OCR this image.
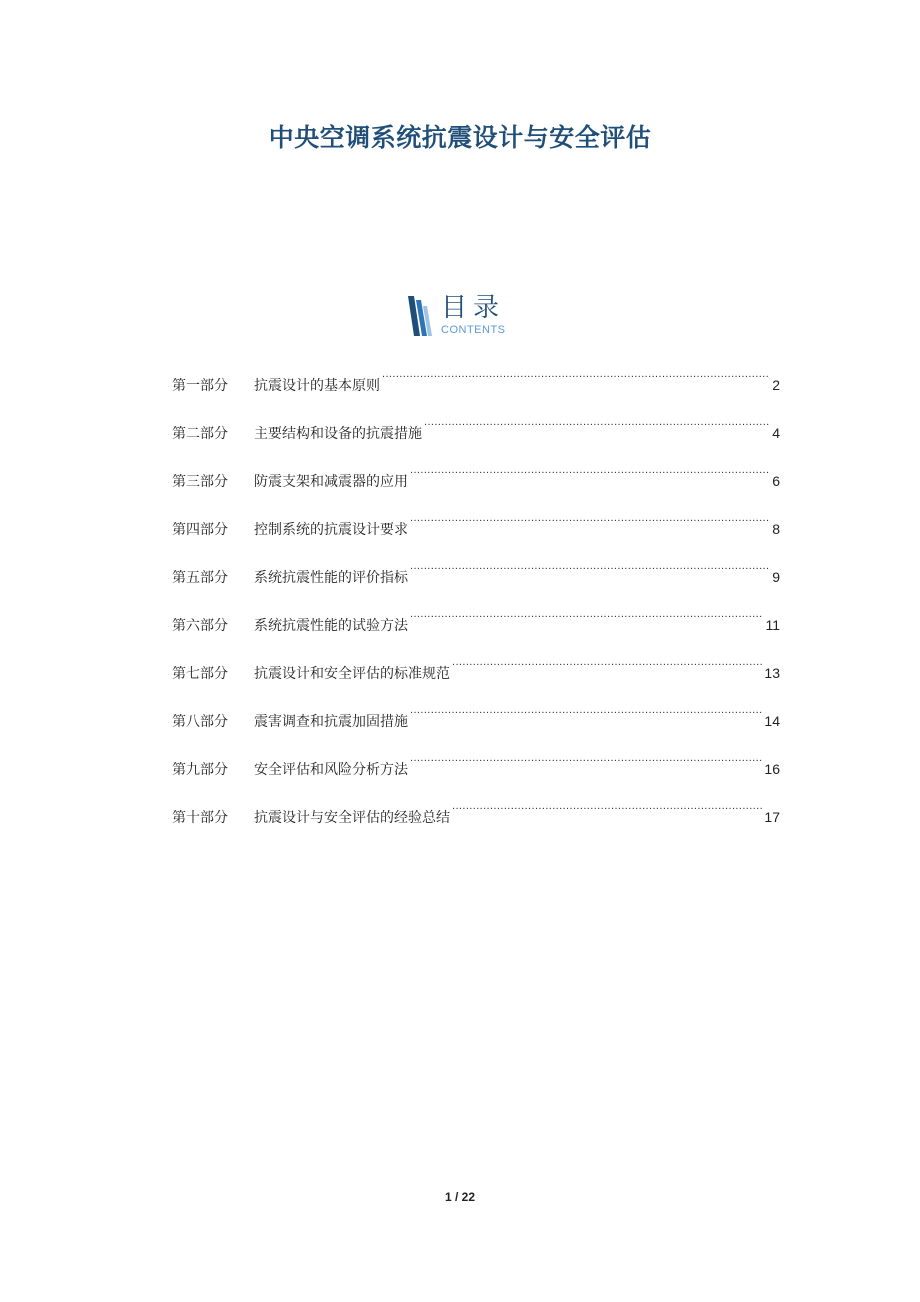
中央空调系统抗震设计与安全评估
目录
CONTENTS
第一部分	抗震设计的基本原则 .....	2
第二部分	主要结构和设备的抗震措施 .....	4
第三部分	防震支架和减震器的应用 .....	6
第四部分	控制系统的抗震设计要求 .....	8
第五部分	系统抗震性能的评价指标 .....	9
第六部分	系统抗震性能的试验方法 .....	11
第七部分	抗震设计和安全评估的标准规范 .....	13
第八部分	震害调查和抗震加固措施 .....	14
第九部分	安全评估和风险分析方法 .....	16
第十部分	抗震设计与安全评估的经验总结 .....	17
1 / 22
